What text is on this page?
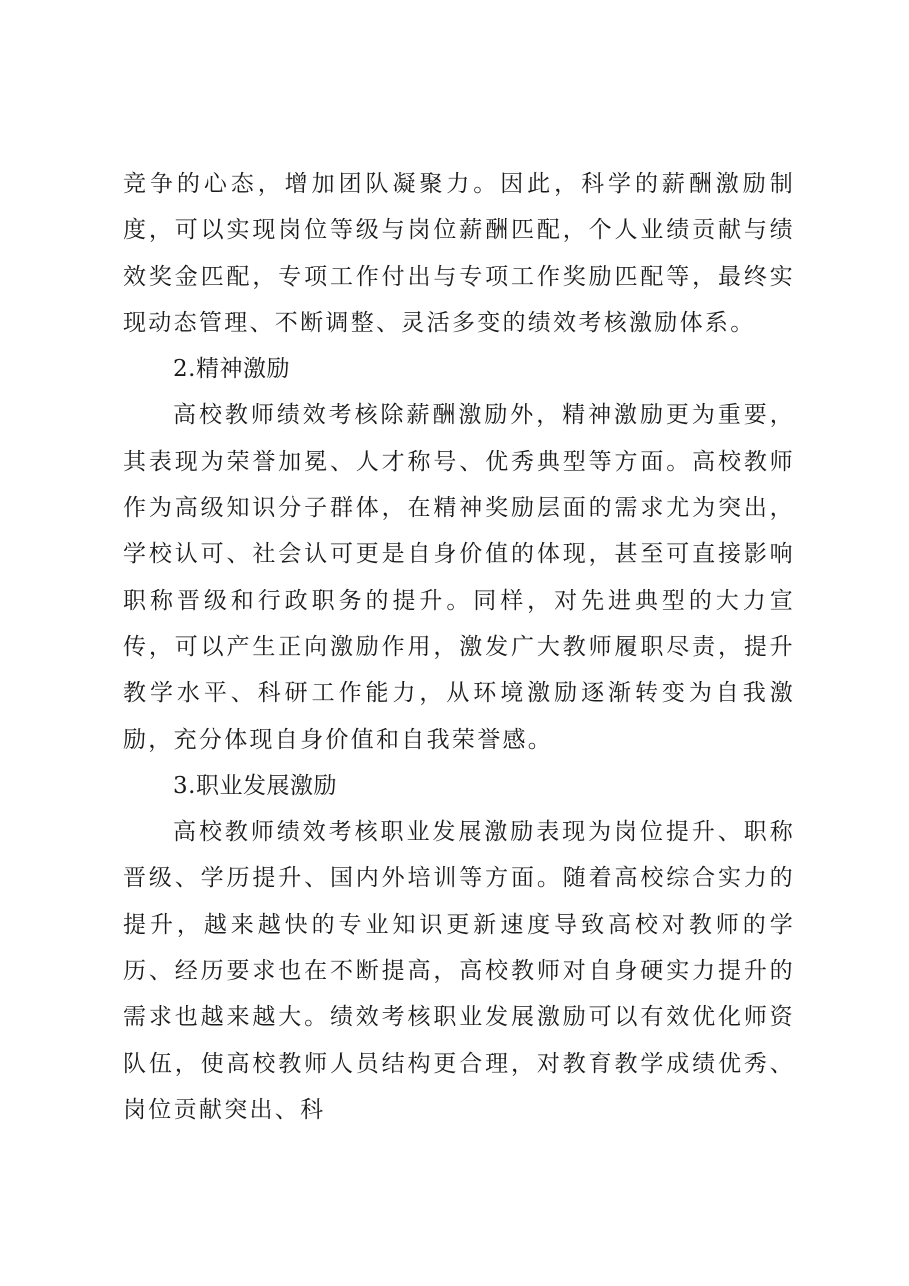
竞争的心态，增加团队凝聚力。因此，科学的薪酬激励制度，可以实现岗位等级与岗位薪酬匹配，个人业绩贡献与绩效奖金匹配，专项工作付出与专项工作奖励匹配等，最终实现动态管理、不断调整、灵活多变的绩效考核激励体系。

2.精神激励

高校教师绩效考核除薪酬激励外，精神激励更为重要，其表现为荣誉加冕、人才称号、优秀典型等方面。高校教师作为高级知识分子群体，在精神奖励层面的需求尤为突出，学校认可、社会认可更是自身价值的体现，甚至可直接影响职称晋级和行政职务的提升。同样，对先进典型的大力宣传，可以产生正向激励作用，激发广大教师履职尽责，提升教学水平、科研工作能力，从环境激励逐渐转变为自我激励，充分体现自身价值和自我荣誉感。

3.职业发展激励

高校教师绩效考核职业发展激励表现为岗位提升、职称晋级、学历提升、国内外培训等方面。随着高校综合实力的提升，越来越快的专业知识更新速度导致高校对教师的学历、经历要求也在不断提高，高校教师对自身硬实力提升的需求也越来越大。绩效考核职业发展激励可以有效优化师资队伍，使高校教师人员结构更合理，对教育教学成绩优秀、岗位贡献突出、科
